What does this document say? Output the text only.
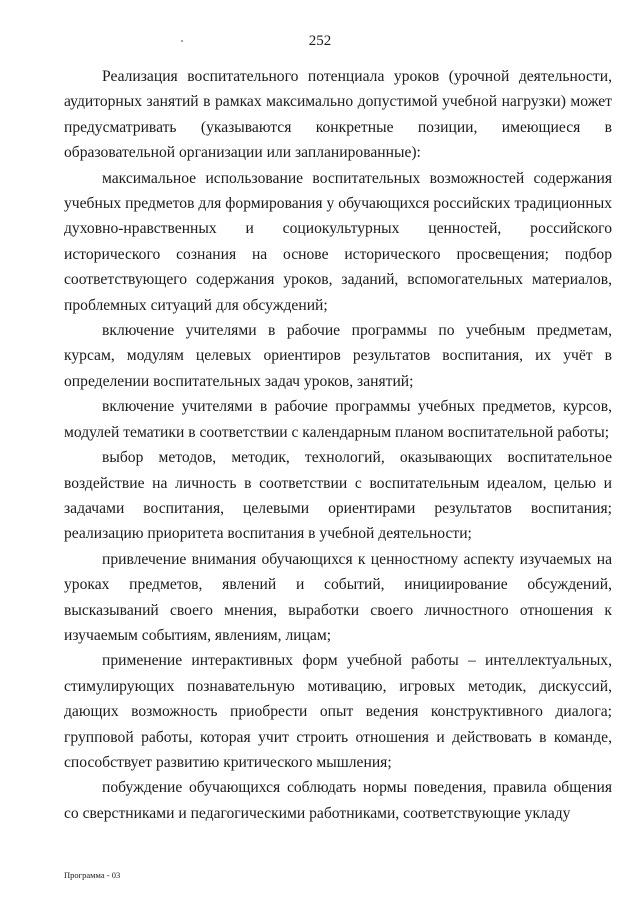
252

Реализация воспитательного потенциала уроков (урочной деятельности, аудиторных занятий в рамках максимально допустимой учебной нагрузки) может предусматривать (указываются конкретные позиции, имеющиеся в образовательной организации или запланированные):

максимальное использование воспитательных возможностей содержания учебных предметов для формирования у обучающихся российских традиционных духовно-нравственных и социокультурных ценностей, российского исторического сознания на основе исторического просвещения; подбор соответствующего содержания уроков, заданий, вспомогательных материалов, проблемных ситуаций для обсуждений;

включение учителями в рабочие программы по учебным предметам, курсам, модулям целевых ориентиров результатов воспитания, их учёт в определении воспитательных задач уроков, занятий;

включение учителями в рабочие программы учебных предметов, курсов, модулей тематики в соответствии с календарным планом воспитательной работы;

выбор методов, методик, технологий, оказывающих воспитательное воздействие на личность в соответствии с воспитательным идеалом, целью и задачами воспитания, целевыми ориентирами результатов воспитания; реализацию приоритета воспитания в учебной деятельности;

привлечение внимания обучающихся к ценностному аспекту изучаемых на уроках предметов, явлений и событий, инициирование обсуждений, высказываний своего мнения, выработки своего личностного отношения к изучаемым событиям, явлениям, лицам;

применение интерактивных форм учебной работы – интеллектуальных, стимулирующих познавательную мотивацию, игровых методик, дискуссий, дающих возможность приобрести опыт ведения конструктивного диалога; групповой работы, которая учит строить отношения и действовать в команде, способствует развитию критического мышления;

побуждение обучающихся соблюдать нормы поведения, правила общения со сверстниками и педагогическими работниками, соответствующие укладу

Программа - 03
